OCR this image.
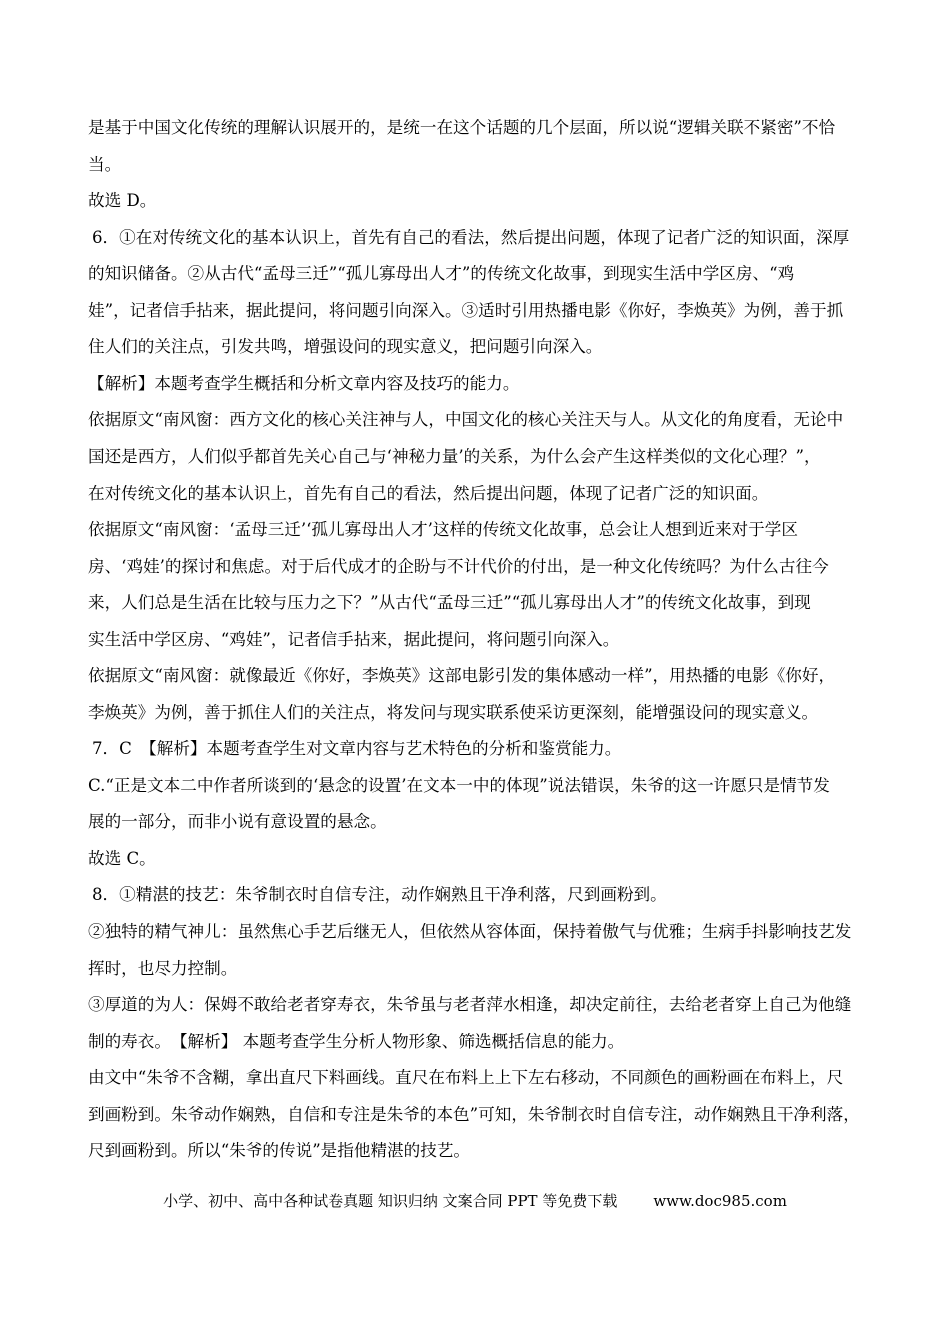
是基于中国文化传统的理解认识展开的，是统一在这个话题的几个层面，所以说“逻辑关联不紧密”不恰
当。
故选 D。
6．①在对传统文化的基本认识上，首先有自己的看法，然后提出问题，体现了记者广泛的知识面，深厚
的知识储备。②从古代“孟母三迁”“孤儿寡母出人才”的传统文化故事，到现实生活中学区房、“鸡
娃”，记者信手拈来，据此提问，将问题引向深入。③适时引用热播电影《你好，李焕英》为例，善于抓
住人们的关注点，引发共鸣，增强设问的现实意义，把问题引向深入。
【解析】本题考查学生概括和分析文章内容及技巧的能力。
依据原文“南风窗：西方文化的核心关注神与人，中国文化的核心关注天与人。从文化的角度看，无论中
国还是西方，人们似乎都首先关心自己与‘神秘力量’的关系，为什么会产生这样类似的文化心理？”，
在对传统文化的基本认识上，首先有自己的看法，然后提出问题，体现了记者广泛的知识面。
依据原文“南风窗：‘孟母三迁’‘孤儿寡母出人才’这样的传统文化故事，总会让人想到近来对于学区
房、‘鸡娃’的探讨和焦虑。对于后代成才的企盼与不计代价的付出，是一种文化传统吗？为什么古往今
来，人们总是生活在比较与压力之下？”从古代“孟母三迁”“孤儿寡母出人才”的传统文化故事，到现
实生活中学区房、“鸡娃”，记者信手拈来，据此提问，将问题引向深入。
依据原文“南风窗：就像最近《你好，李焕英》这部电影引发的集体感动一样”，用热播的电影《你好，
李焕英》为例，善于抓住人们的关注点，将发问与现实联系使采访更深刻，能增强设问的现实意义。
7．C　【解析】本题考查学生对文章内容与艺术特色的分析和鉴赏能力。
C.“正是文本二中作者所谈到的‘悬念的设置’在文本一中的体现”说法错误，朱爷的这一许愿只是情节发
展的一部分，而非小说有意设置的悬念。
故选 C。
8．①精湛的技艺：朱爷制衣时自信专注，动作娴熟且干净利落，尺到画粉到。
②独特的精气神儿：虽然焦心手艺后继无人，但依然从容体面，保持着傲气与优雅；生病手抖影响技艺发
挥时，也尽力控制。
③厚道的为人：保姆不敢给老者穿寿衣，朱爷虽与老者萍水相逢，却决定前往，去给老者穿上自己为他缝
制的寿衣。　【解析】 本题考查学生分析人物形象、筛选概括信息的能力。
由文中“朱爷不含糊，拿出直尺下料画线。直尺在布料上上下左右移动，不同颜色的画粉画在布料上，尺
到画粉到。朱爷动作娴熟，自信和专注是朱爷的本色”可知，朱爷制衣时自信专注，动作娴熟且干净利落，
尺到画粉到。所以“朱爷的传说”是指他精湛的技艺。
小学、初中、高中各种试卷真题 知识归纳 文案合同 PPT 等免费下载 www.doc985.com
